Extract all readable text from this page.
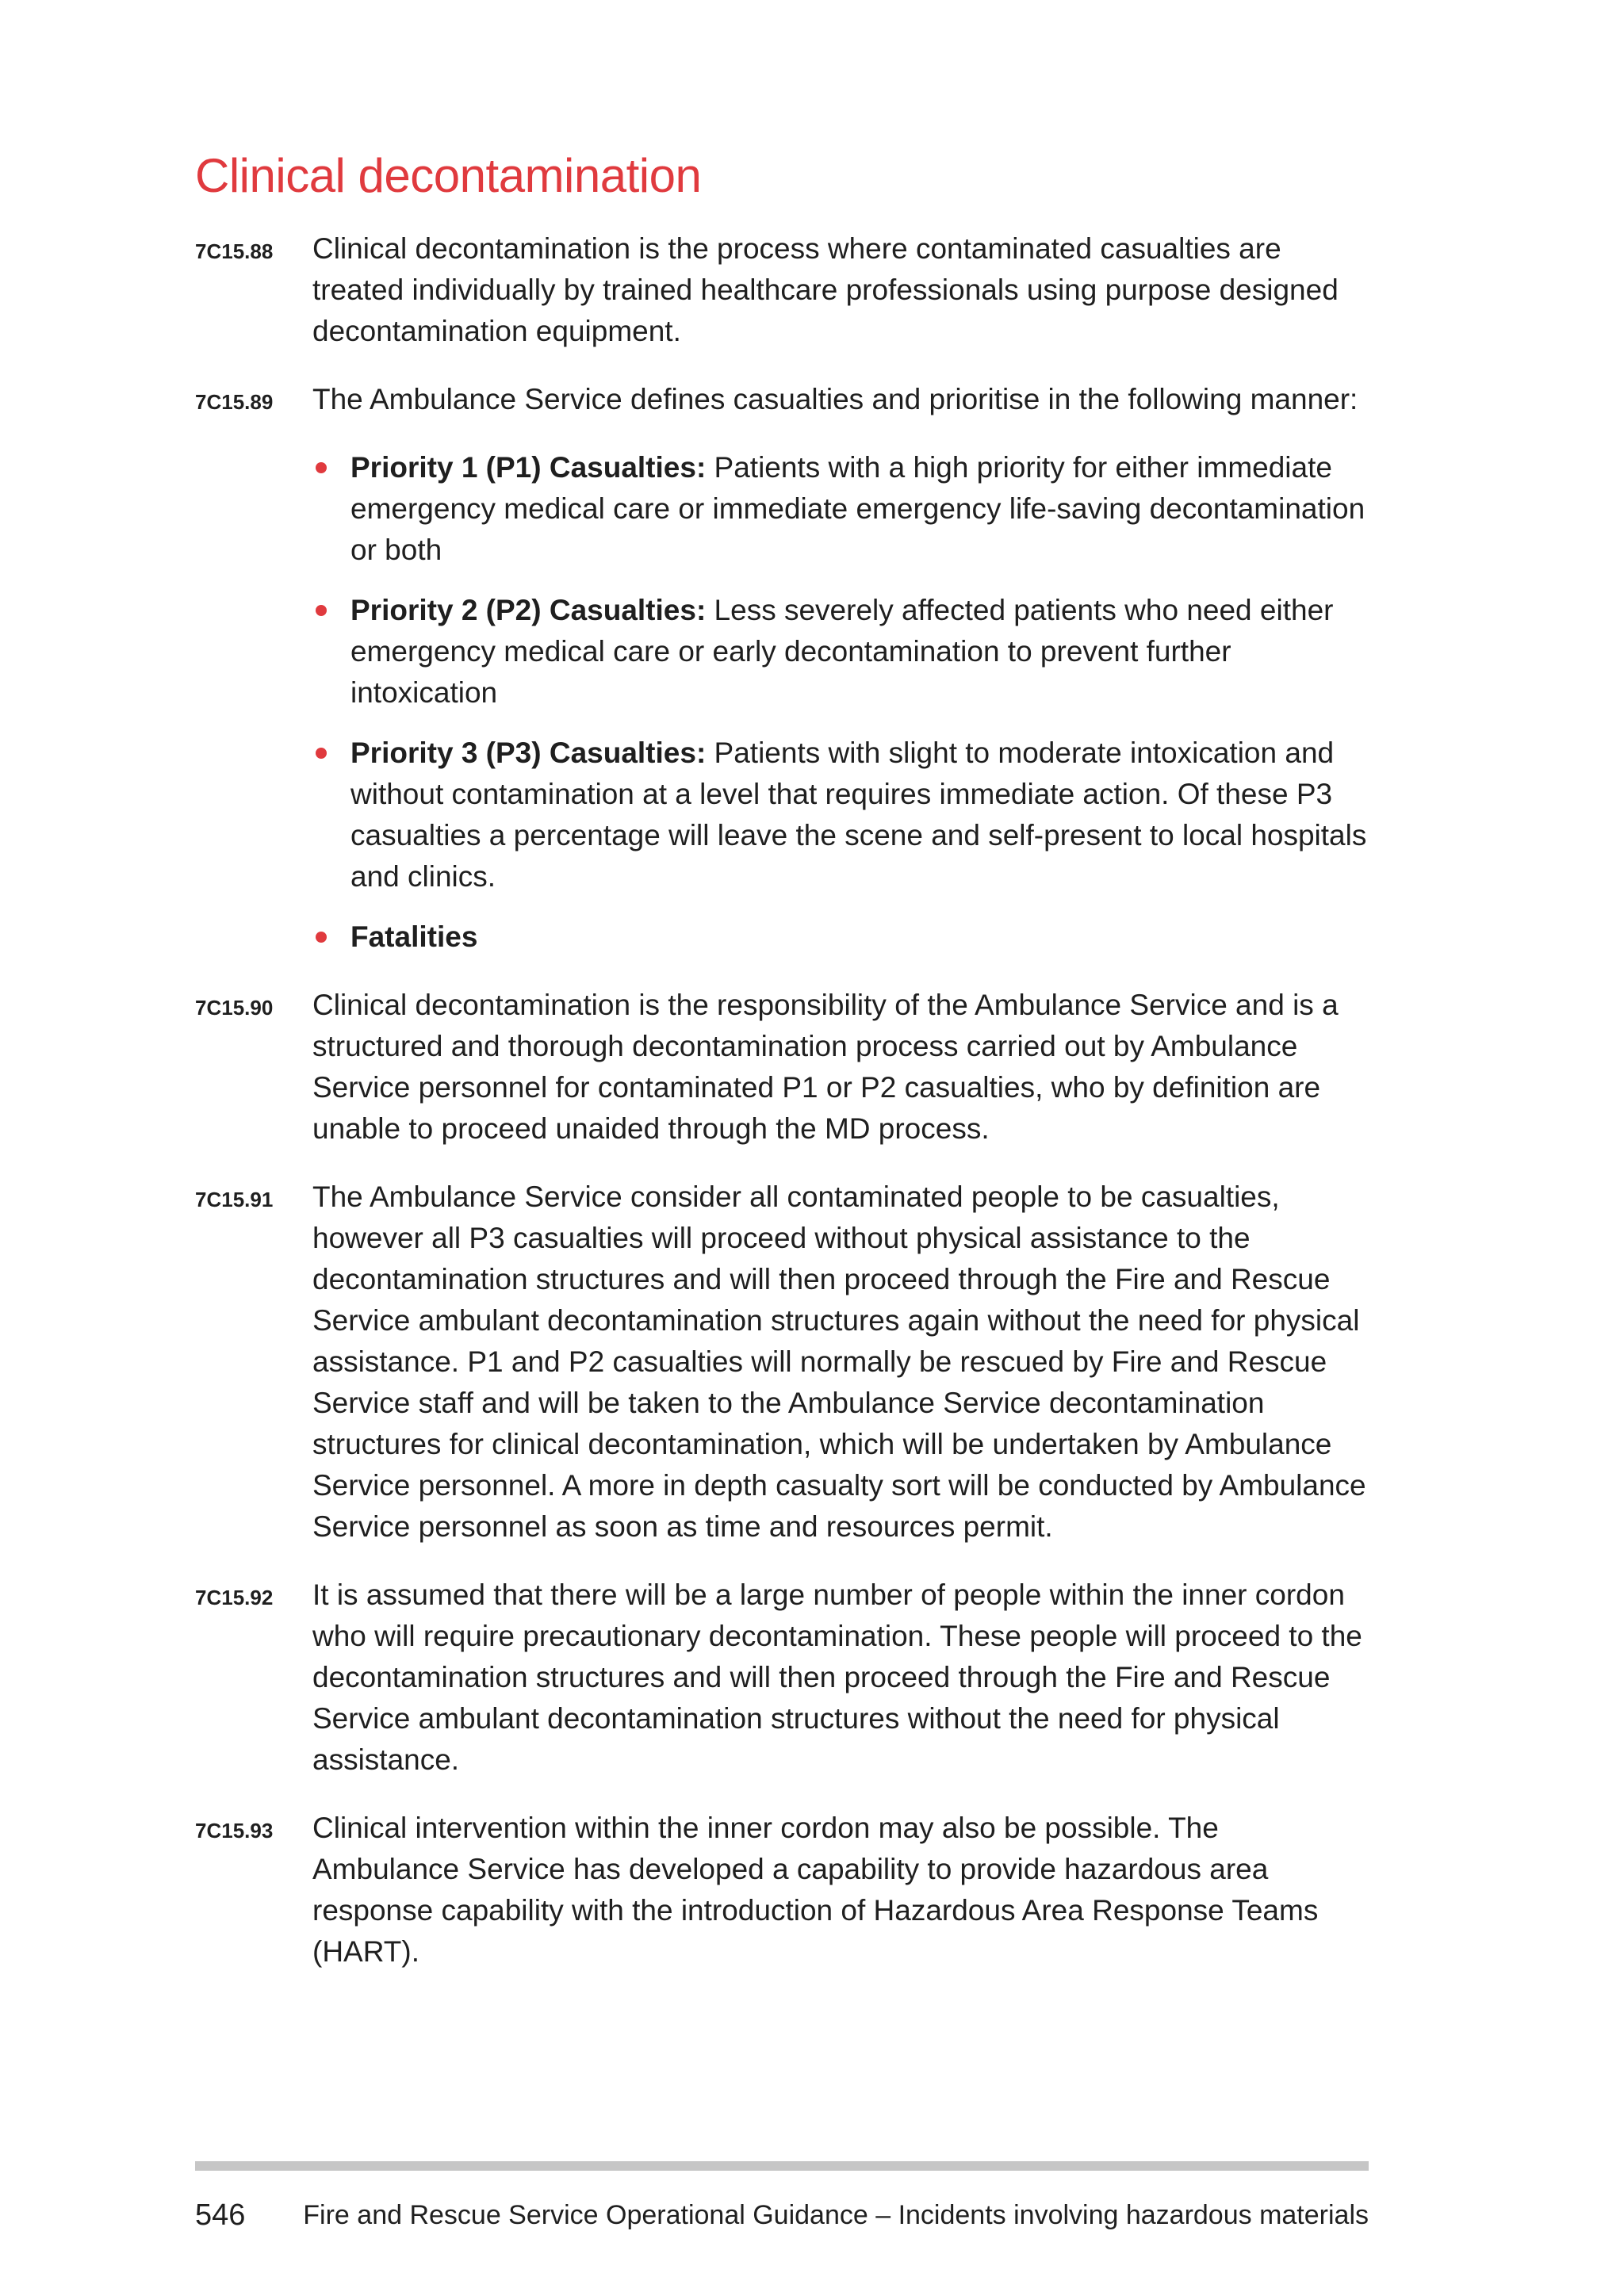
Clinical decontamination
7C15.88 Clinical decontamination is the process where contaminated casualties are treated individually by trained healthcare professionals using purpose designed decontamination equipment.
7C15.89 The Ambulance Service defines casualties and prioritise in the following manner:
Priority 1 (P1) Casualties: Patients with a high priority for either immediate emergency medical care or immediate emergency life-saving decontamination or both
Priority 2 (P2) Casualties: Less severely affected patients who need either emergency medical care or early decontamination to prevent further intoxication
Priority 3 (P3) Casualties: Patients with slight to moderate intoxication and without contamination at a level that requires immediate action. Of these P3 casualties a percentage will leave the scene and self-present to local hospitals and clinics.
Fatalities
7C15.90 Clinical decontamination is the responsibility of the Ambulance Service and is a structured and thorough decontamination process carried out by Ambulance Service personnel for contaminated P1 or P2 casualties, who by definition are unable to proceed unaided through the MD process.
7C15.91 The Ambulance Service consider all contaminated people to be casualties, however all P3 casualties will proceed without physical assistance to the decontamination structures and will then proceed through the Fire and Rescue Service ambulant decontamination structures again without the need for physical assistance. P1 and P2 casualties will normally be rescued by Fire and Rescue Service staff and will be taken to the Ambulance Service decontamination structures for clinical decontamination, which will be undertaken by Ambulance Service personnel. A more in depth casualty sort will be conducted by Ambulance Service personnel as soon as time and resources permit.
7C15.92 It is assumed that there will be a large number of people within the inner cordon who will require precautionary decontamination. These people will proceed to the decontamination structures and will then proceed through the Fire and Rescue Service ambulant decontamination structures without the need for physical assistance.
7C15.93 Clinical intervention within the inner cordon may also be possible. The Ambulance Service has developed a capability to provide hazardous area response capability with the introduction of Hazardous Area Response Teams (HART).
546 Fire and Rescue Service Operational Guidance – Incidents involving hazardous materials
